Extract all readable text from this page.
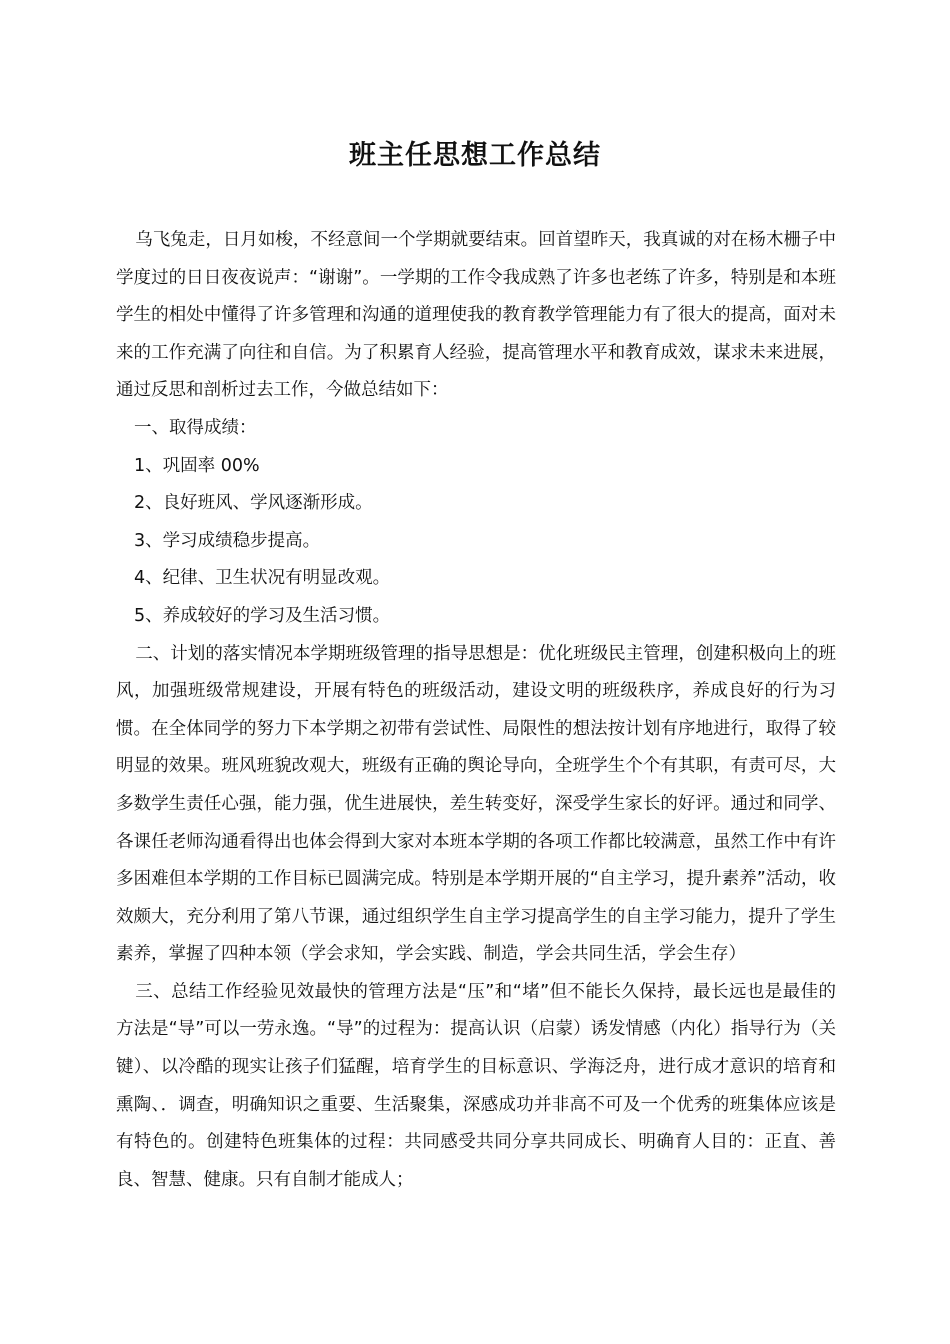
班主任思想工作总结

乌飞兔走，日月如梭，不经意间一个学期就要结束。回首望昨天，我真诚的对在杨木栅子中学度过的日日夜夜说声：“谢谢”。一学期的工作令我成熟了许多也老练了许多，特别是和本班学生的相处中懂得了许多管理和沟通的道理使我的教育教学管理能力有了很大的提高，面对未来的工作充满了向往和自信。为了积累育人经验，提高管理水平和教育成效，谋求未来进展，通过反思和剖析过去工作，今做总结如下：

一、取得成绩：

1、巩固率 00%

2、良好班风、学风逐渐形成。

3、学习成绩稳步提高。

4、纪律、卫生状况有明显改观。

5、养成较好的学习及生活习惯。

二、计划的落实情况本学期班级管理的指导思想是：优化班级民主管理，创建积极向上的班风，加强班级常规建设，开展有特色的班级活动，建设文明的班级秩序，养成良好的行为习惯。在全体同学的努力下本学期之初带有尝试性、局限性的想法按计划有序地进行，取得了较明显的效果。班风班貌改观大，班级有正确的舆论导向，全班学生个个有其职，有责可尽，大多数学生责任心强，能力强，优生进展快，差生转变好，深受学生家长的好评。通过和同学、各课任老师沟通看得出也体会得到大家对本班本学期的各项工作都比较满意，虽然工作中有许多困难但本学期的工作目标已圆满完成。特别是本学期开展的“自主学习，提升素养”活动，收效颇大，充分利用了第八节课，通过组织学生自主学习提高学生的自主学习能力，提升了学生素养，掌握了四种本领（学会求知，学会实践、制造，学会共同生活，学会生存）

三、总结工作经验见效最快的管理方法是“压”和“堵”但不能长久保持，最长远也是最佳的方法是“导”可以一劳永逸。“导”的过程为：提高认识（启蒙）诱发情感（内化）指导行为（关键）、以冷酷的现实让孩子们猛醒，培育学生的目标意识、学海泛舟，进行成才意识的培育和熏陶、．调查，明确知识之重要、生活聚集，深感成功并非高不可及一个优秀的班集体应该是有特色的。创建特色班集体的过程：共同感受共同分享共同成长、明确育人目的：正直、善良、智慧、健康。只有自制才能成人；
